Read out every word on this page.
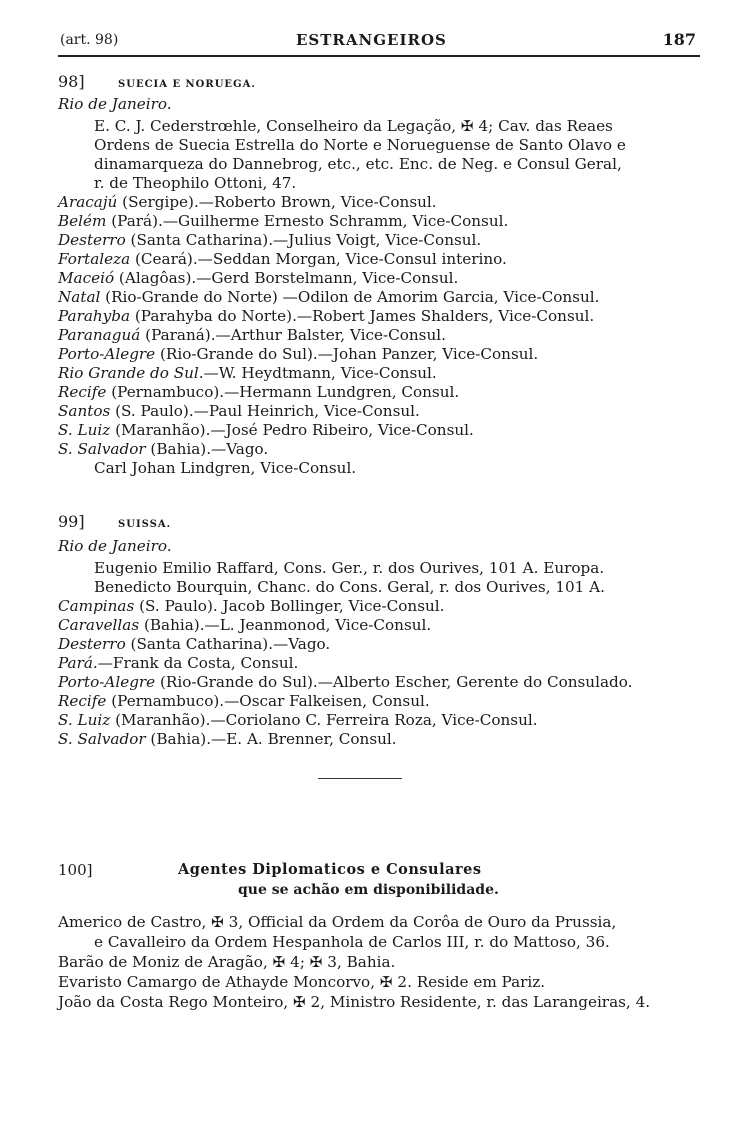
(art. 98)	ESTRANGEIROS	187
98]	SUECIA E NORUEGA.
Rio de Janeiro.
E. C. J. Cederstrœhle, Conselheiro da Legação, ✠ 4; Cav. das Reaes
Ordens de Suecia Estrella do Norte e Norueguense de Santo Olavo e
dinamarqueza do Dannebrog, etc., etc. Enc. de Neg. e Consul Geral,
r. de Theophilo Ottoni, 47.
Aracajú (Sergipe).—Roberto Brown, Vice-Consul.
Belém (Pará).—Guilherme Ernesto Schramm, Vice-Consul.
Desterro (Santa Catharina).—Julius Voigt, Vice-Consul.
Fortaleza (Ceará).—Seddan Morgan, Vice-Consul interino.
Maceió (Alagôas).—Gerd Borstelmann, Vice-Consul.
Natal (Rio-Grande do Norte) —Odilon de Amorim Garcia, Vice-Consul.
Parahyba (Parahyba do Norte).—Robert James Shalders, Vice-Consul.
Paranaguá (Paraná).—Arthur Balster, Vice-Consul.
Porto-Alegre (Rio-Grande do Sul).—Johan Panzer, Vice-Consul.
Rio Grande do Sul.—W. Heydtmann, Vice-Consul.
Recife (Pernambuco).—Hermann Lundgren, Consul.
Santos (S. Paulo).—Paul Heinrich, Vice-Consul.
S. Luiz (Maranhão).—José Pedro Ribeiro, Vice-Consul.
S. Salvador (Bahia).—Vago.
Carl Johan Lindgren, Vice-Consul.
99]	SUISSA.
Rio de Janeiro.
Eugenio Emilio Raffard, Cons. Ger., r. dos Ourives, 101 A. Europa.
Benedicto Bourquin, Chanc. do Cons. Geral, r. dos Ourives, 101 A.
Campinas (S. Paulo). Jacob Bollinger, Vice-Consul.
Caravellas (Bahia).—L. Jeanmonod, Vice-Consul.
Desterro (Santa Catharina).—Vago.
Pará.—Frank da Costa, Consul.
Porto-Alegre (Rio-Grande do Sul).—Alberto Escher, Gerente do Consulado.
Recife (Pernambuco).—Oscar Falkeisen, Consul.
S. Luiz (Maranhão).—Coriolano C. Ferreira Roza, Vice-Consul.
S. Salvador (Bahia).—E. A. Brenner, Consul.
100]	Agentes Diplomaticos e Consulares
que se achão em disponibilidade.
Americo de Castro, ✠ 3, Official da Ordem da Corôa de Ouro da Prussia,
e Cavalleiro da Ordem Hespanhola de Carlos III, r. do Mattoso, 36.
Barão de Moniz de Aragão, ✠ 4; ✠ 3, Bahia.
Evaristo Camargo de Athayde Moncorvo, ✠ 2. Reside em Pariz.
João da Costa Rego Monteiro, ✠ 2, Ministro Residente, r. das Larangeiras, 4.
